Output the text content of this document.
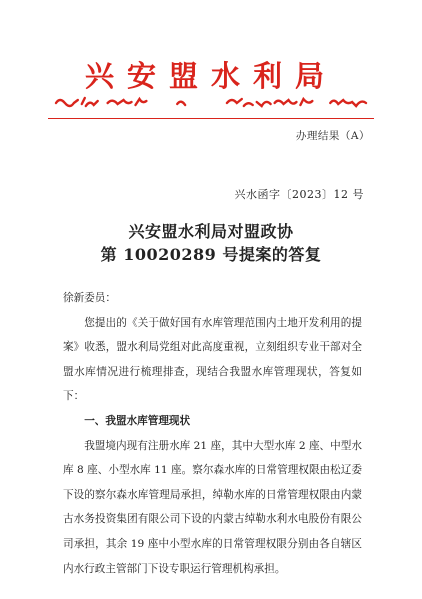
兴安盟水利局
办理结果（A）
兴水函字〔2023〕12 号
兴安盟水利局对盟政协
第 10020289 号提案的答复

徐新委员：

您提出的《关于做好国有水库管理范围内土地开发利用的提案》收悉，盟水利局党组对此高度重视，立刻组织专业干部对全盟水库情况进行梳理排查，现结合我盟水库管理现状，答复如下：

一、我盟水库管理现状

我盟境内现有注册水库 21 座，其中大型水库 2 座、中型水库 8 座、小型水库 11 座。察尔森水库的日常管理权限由松辽委下设的察尔森水库管理局承担，绰勒水库的日常管理权限由内蒙古水务投资集团有限公司下设的内蒙古绰勒水利水电股份有限公司承担，其余 19 座中小型水库的日常管理权限分别由各自辖区内水行政主管部门下设专职运行管理机构承担。
